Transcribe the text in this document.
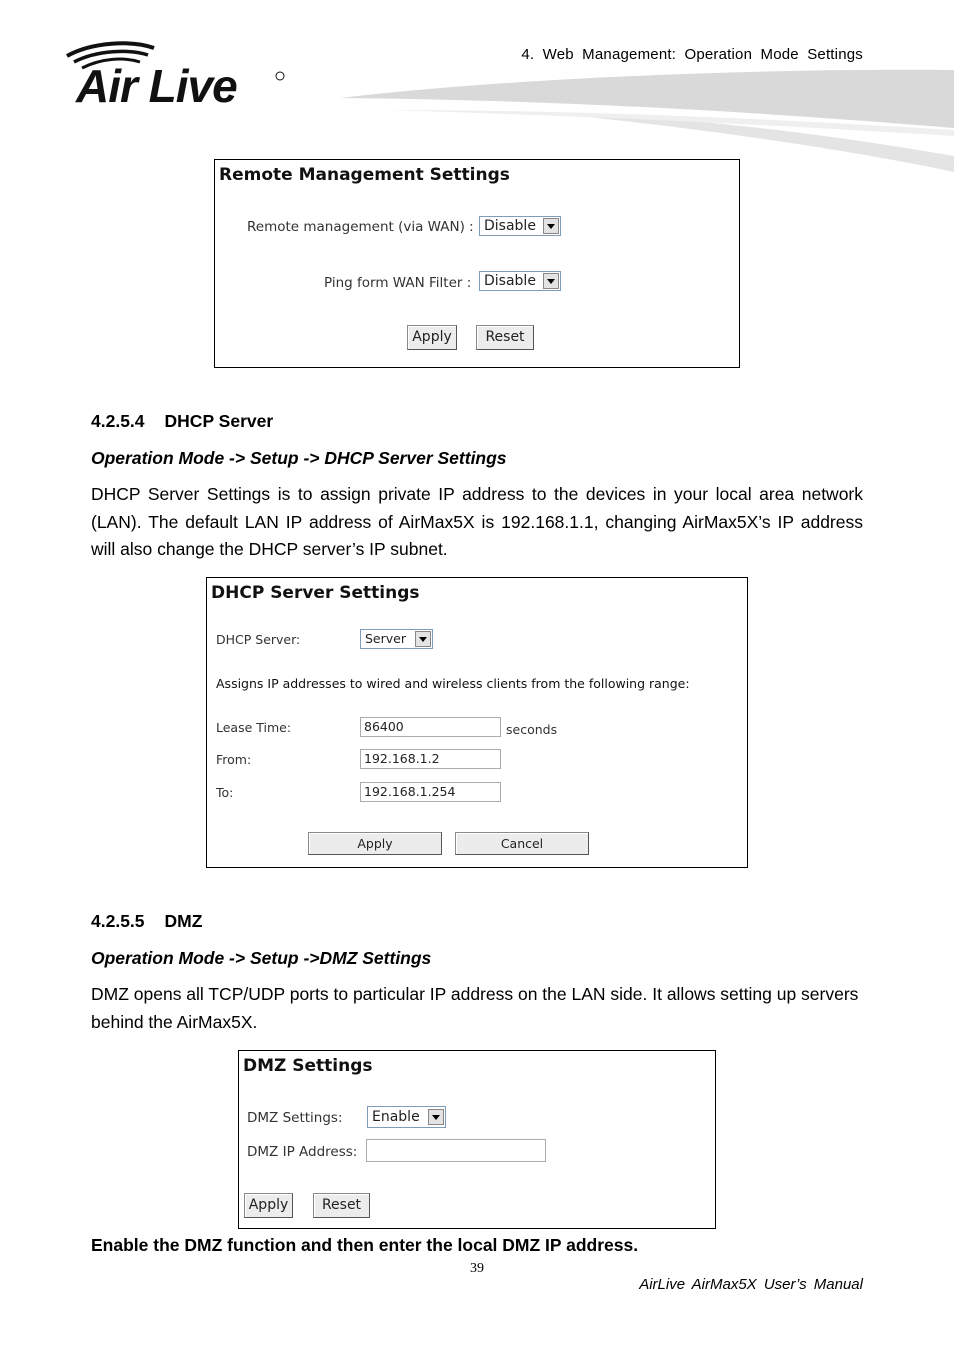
4. Web Management: Operation Mode Settings
Air Live
Remote Management Settings
Remote management (via WAN) : Disable
Ping form WAN Filter : Disable
Apply	Reset
4.2.5.4 DHCP Server
Operation Mode -> Setup -> DHCP Server Settings
DHCP Server Settings is to assign private IP address to the devices in your local area network (LAN). The default LAN IP address of AirMax5X is 192.168.1.1, changing AirMax5X’s IP address will also change the DHCP server’s IP subnet.
DHCP Server Settings
DHCP Server:	Server
Assigns IP addresses to wired and wireless clients from the following range:
Lease Time:	86400	seconds
From:	192.168.1.2
To:	192.168.1.254
Apply	Cancel
4.2.5.5 DMZ
Operation Mode -> Setup ->DMZ Settings
DMZ opens all TCP/UDP ports to particular IP address on the LAN side. It allows setting up servers behind the AirMax5X.
DMZ Settings
DMZ Settings: Enable
DMZ IP Address:
Apply	Reset
Enable the DMZ function and then enter the local DMZ IP address.
39
AirLive AirMax5X User’s Manual
